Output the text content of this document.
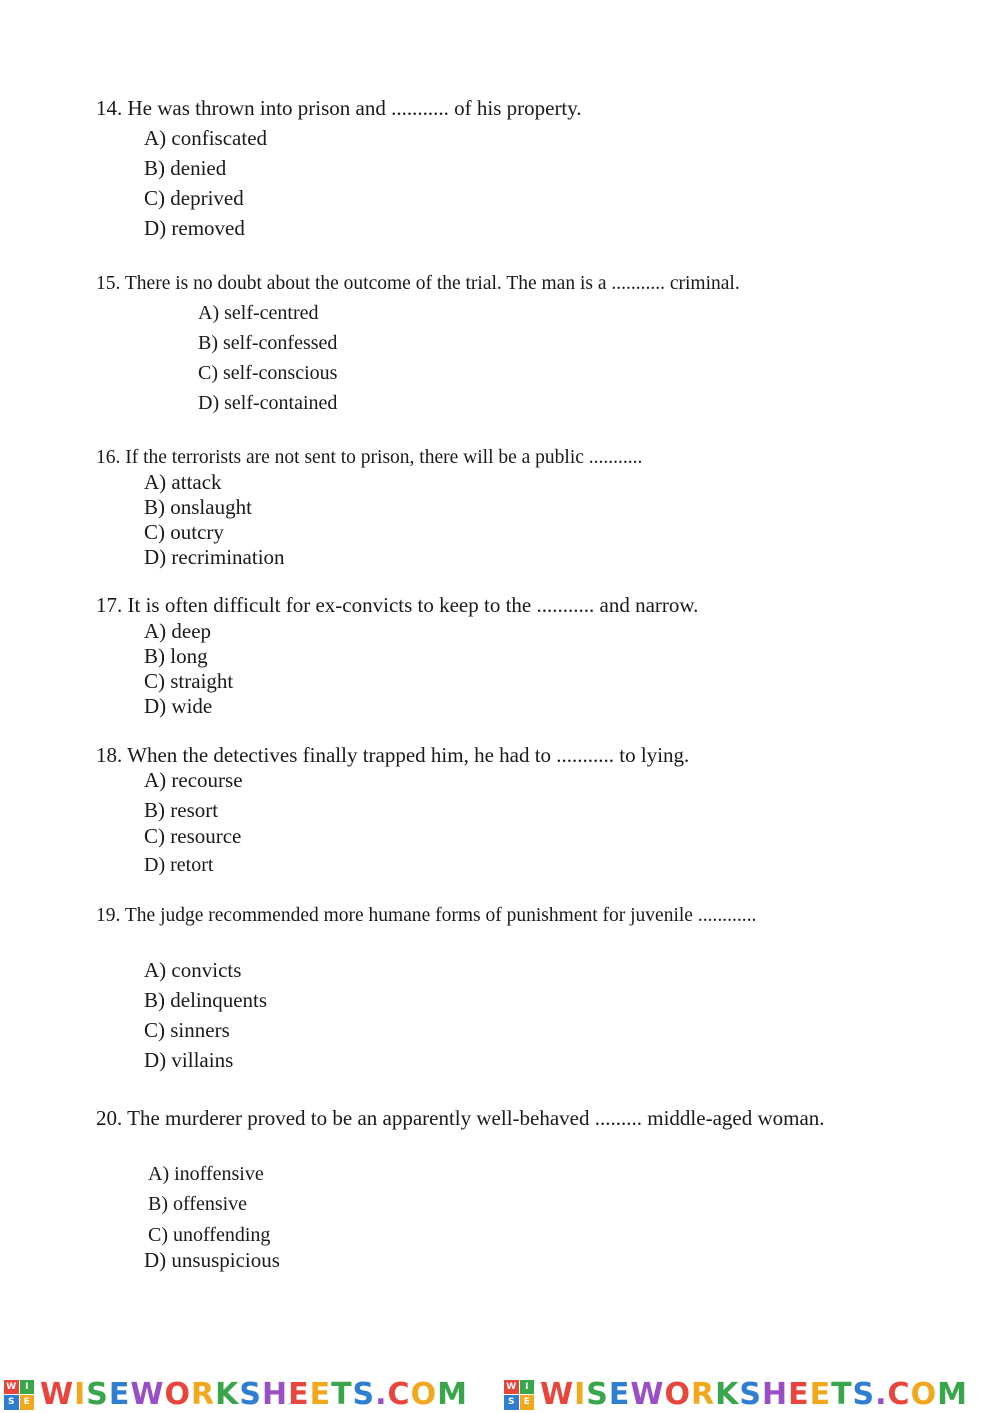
14. He was thrown into prison and ........... of his property.
A) confiscated
B) denied
C) deprived
D) removed
15. There is no doubt about the outcome of the trial. The man is a ........... criminal.
A) self-centred
B) self-confessed
C) self-conscious
D) self-contained
16. If the terrorists are not sent to prison, there will be a public ...........
A) attack
B) onslaught
C) outcry
D) recrimination
17. It is often difficult for ex-convicts to keep to the ........... and narrow.
A) deep
B) long
C) straight
D) wide
18. When the detectives finally trapped him, he had to ........... to lying.
A) recourse
B) resort
C) resource
D) retort
19. The judge recommended more humane forms of punishment for juvenile ............
A) convicts
B) delinquents
C) sinners
D) villains
20. The murderer proved to be an apparently well-behaved ......... middle-aged woman.
A) inoffensive
B) offensive
C) unoffending
D) unsuspicious
W I
S	E WISEWORKSHEETS.COM	W I
S	E WISEWORKSHEETS.COM
